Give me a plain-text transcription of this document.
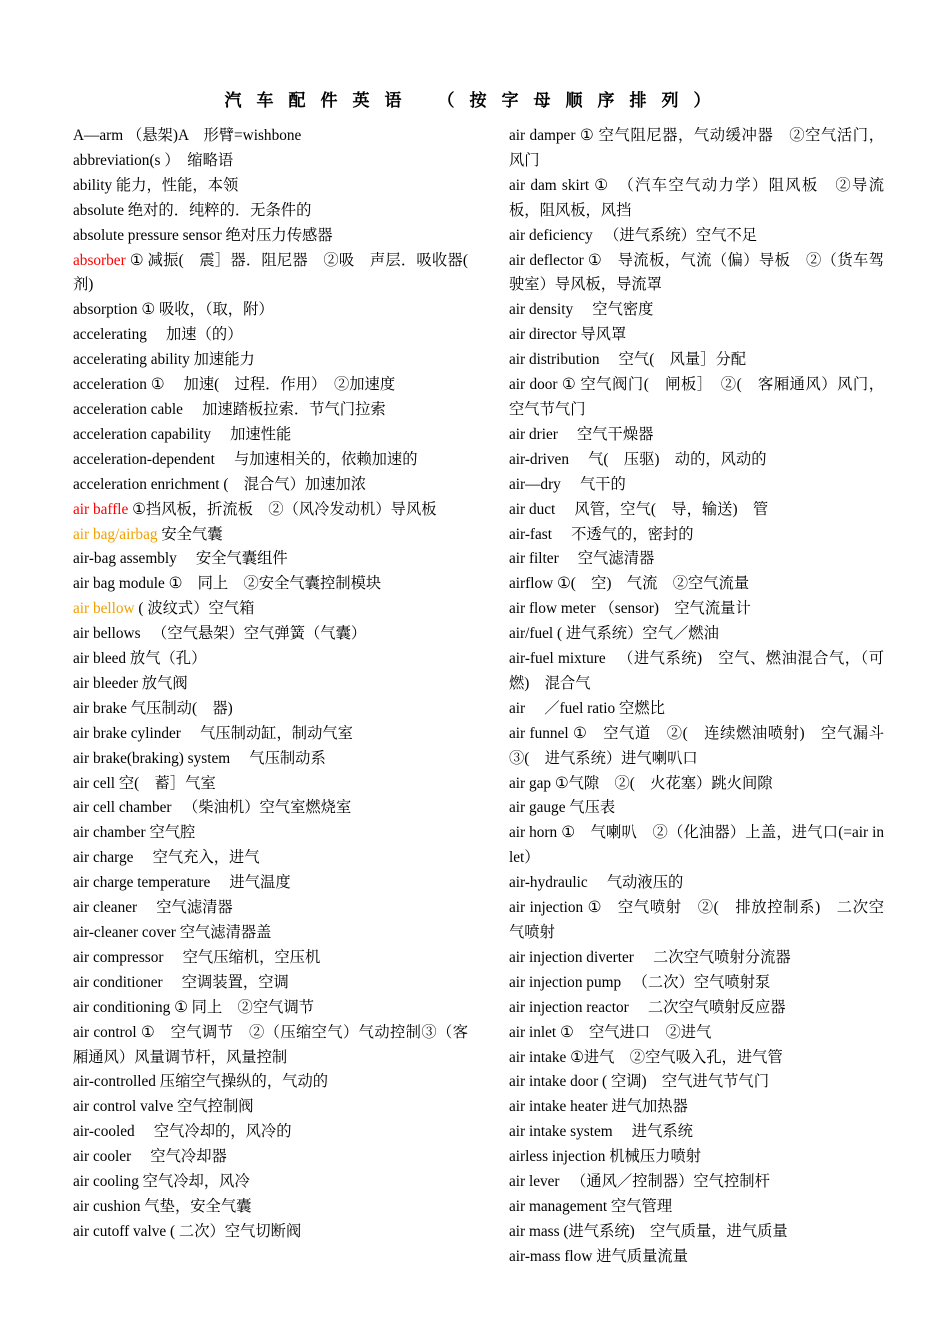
汽车配件英语 （按字母顺序排列）

A—arm （悬架)A　形臂=wishbone

abbreviation(s ）　缩略语

ability 能力，性能，本领

absolute 绝对的．纯粹的．无条件的

absolute pressure sensor 绝对压力传感器

absorber ① 减振(　震］器．阻尼器　②吸　声层．吸收器(　剂)

absorption ① 吸收，（取，附）

accelerating 　加速（的）

accelerating ability 加速能力

acceleration ① 　加速(　过程．作用）　②加速度

acceleration cable 　加速踏板拉索．节气门拉索

acceleration capability 　加速性能

acceleration-dependent 　与加速相关的，依赖加速的

acceleration enrichment (　混合气）加速加浓

air baffle ①挡风板，折流板　②（风冷发动机）导风板

air bag/airbag 安全气囊

air-bag assembly 　安全气囊组件

air bag module ①　同上　②安全气囊控制模块

air bellow ( 波纹式）空气箱

air bellows 　（空气悬架）空气弹簧（气囊）

air bleed 放气（孔）

air bleeder 放气阀

air brake 气压制动(　器)

air brake cylinder 　气压制动缸，制动气室

air brake(braking) system 　气压制动系

air cell 空(　蓄］气室

air cell chamber 　（柴油机）空气室燃烧室

air chamber 空气腔

air charge 　空气充入，进气

air charge temperature 　进气温度

air cleaner 　空气滤清器

air-cleaner cover 空气滤清器盖

air compressor 　空气压缩机，空压机

air conditioner 　空调装置，空调

air conditioning ① 同上　②空气调节

air control ①　空气调节　②（压缩空气）气动控制③（客厢通风）风量调节杆，风量控制

air-controlled 压缩空气操纵的，气动的

air control valve 空气控制阀

air-cooled 　空气冷却的，风冷的

air cooler 　空气冷却器

air cooling 空气冷却，风冷

air cushion 气垫，安全气囊

air cutoff valve ( 二次）空气切断阀

air damper ① 空气阻尼器，气动缓冲器　②空气活门，风门

air dam skirt ①　（汽车空气动力学）阻风板　②导流板，阻风板，风挡

air deficiency 　（进气系统）空气不足

air deflector ①　导流板，气流（偏）导板　②（货车驾驶室）导风板，导流罩

air density 　空气密度

air director 导风罩

air distribution 　空气(　风量］分配

air door ① 空气阀门(　闸板］　②(　客厢通风）风门，空气节气门

air drier 　空气干燥器

air-driven 　气(　压驱)　动的，风动的

air—dry 　气干的

air duct 　风管，空气(　导，输送)　管

air-fast 　不透气的，密封的

air filter 　空气滤清器

airflow ①(　空)　气流　②空气流量

air flow meter （sensor)　空气流量计

air/fuel ( 进气系统）空气／燃油

air-fuel mixture 　（进气系统)　空气、燃油混合气，（可燃)　混合气

air 　／fuel ratio 空燃比

air funnel ①　空气道　②(　连续燃油喷射)　空气漏斗　③(　进气系统）进气喇叭口

air gap ①气隙　②(　火花塞）跳火间隙

air gauge 气压表

air horn ①　气喇叭　②（化油器）上盖，进气口(=air inlet）

air-hydraulic 　气动液压的

air injection ①　空气喷射　②(　排放控制系)　二次空气喷射

air injection diverter 　二次空气喷射分流器

air injection pump 　（二次）空气喷射泵

air injection reactor 　二次空气喷射反应器

air inlet ①　空气进口　②进气

air intake ①进气　②空气吸入孔，进气管

air intake door ( 空调)　空气进气节气门

air intake heater 进气加热器

air intake system 　进气系统

airless injection 机械压力喷射

air lever 　（通风／控制器）空气控制杆

air management 空气管理

air mass (进气系统)　空气质量，进气质量

air-mass flow 进气质量流量
